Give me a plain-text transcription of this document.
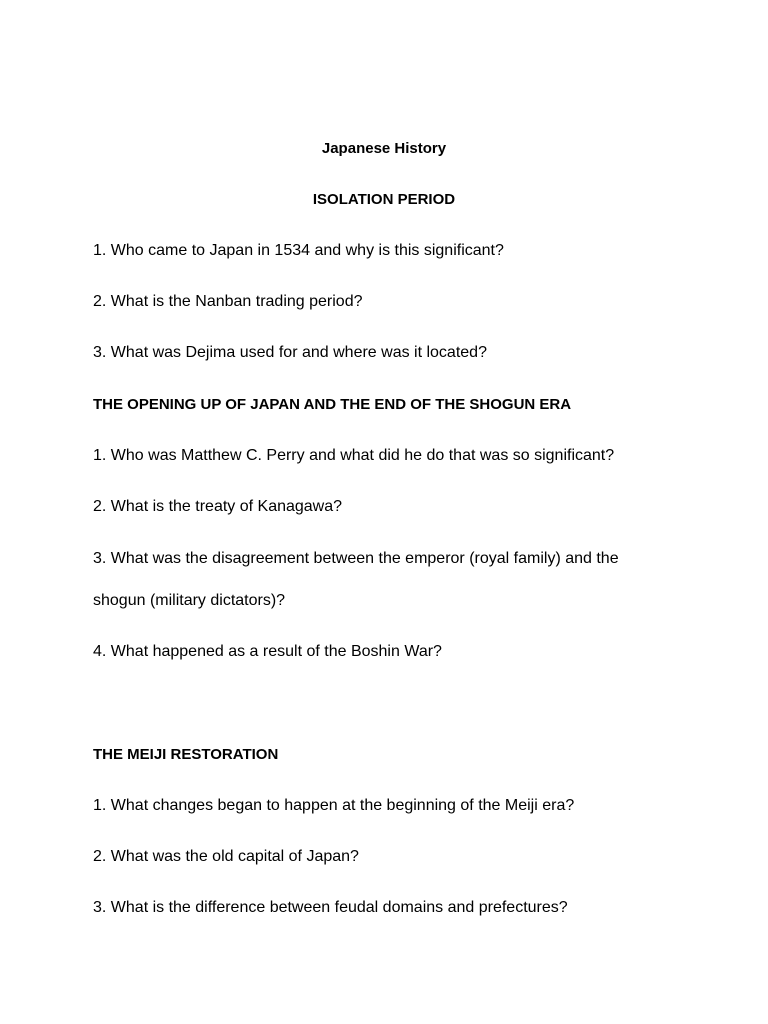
Japanese History
ISOLATION PERIOD
1. Who came to Japan in 1534 and why is this significant?
2. What is the Nanban trading period?
3. What was Dejima used for and where was it located?
THE OPENING UP OF JAPAN AND THE END OF THE SHOGUN ERA
1. Who was Matthew C. Perry and what did he do that was so significant?
2. What is the treaty of Kanagawa?
3. What was the disagreement between the emperor (royal family) and the
shogun (military dictators)?
4. What happened as a result of the Boshin War?
THE MEIJI RESTORATION
1. What changes began to happen at the beginning of the Meiji era?
2. What was the old capital of Japan?
3. What is the difference between feudal domains and prefectures?
